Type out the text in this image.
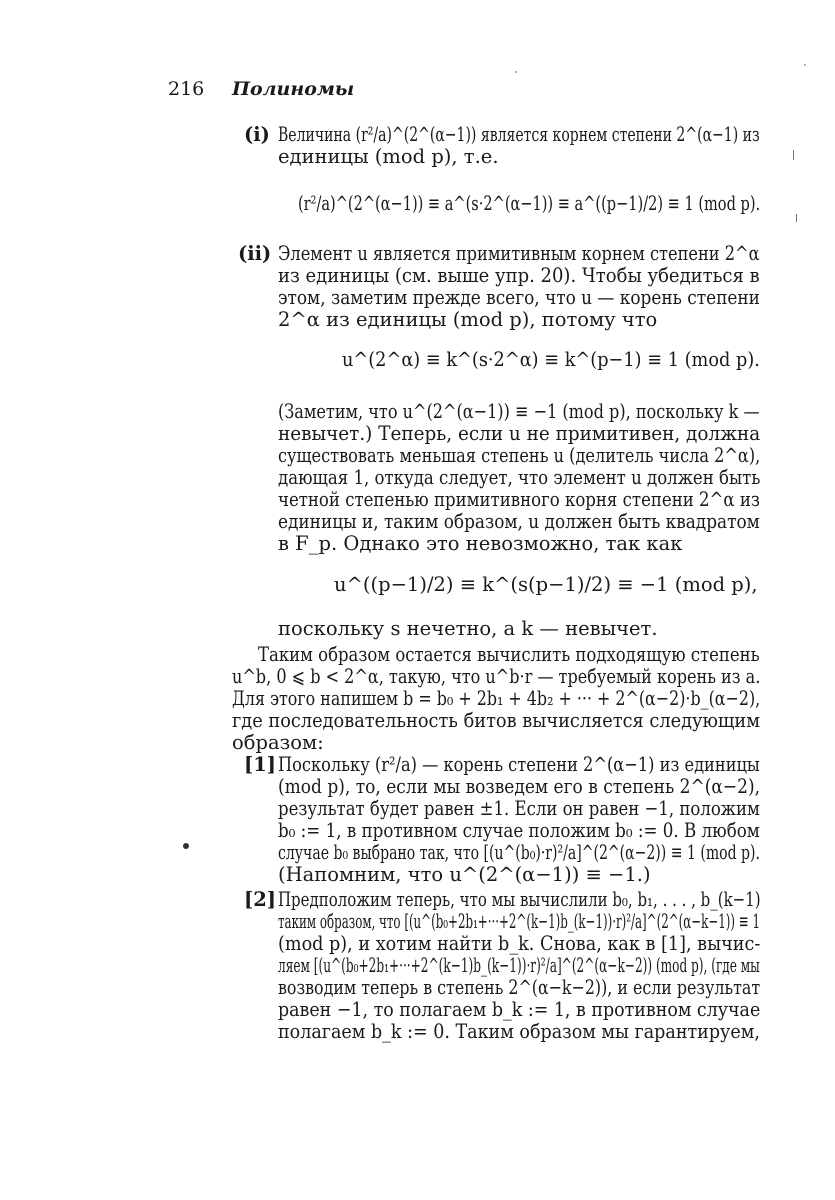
216 Полиномы
(i) Величина (r²/a)^(2^(α−1)) является корнем степени 2^(α−1) из
единицы (mod p), т.е.
(r²/a)^(2^(α−1)) ≡ a^(s·2^(α−1)) ≡ a^((p−1)/2) ≡ 1 (mod p).
(ii) Элемент u является примитивным корнем степени 2^α
из единицы (см. выше упр. 20). Чтобы убедиться в
этом, заметим прежде всего, что u — корень степени
2^α из единицы (mod p), потому что
u^(2^α) ≡ k^(s·2^α) ≡ k^(p−1) ≡ 1 (mod p).
(Заметим, что u^(2^(α−1)) ≡ −1 (mod p), поскольку k —
невычет.) Теперь, если u не примитивен, должна
существовать меньшая степень u (делитель числа 2^α),
дающая 1, откуда следует, что элемент u должен быть
четной степенью примитивного корня степени 2^α из
единицы и, таким образом, u должен быть квадратом
в F_p. Однако это невозможно, так как
u^((p−1)/2) ≡ k^(s(p−1)/2) ≡ −1 (mod p),
поскольку s нечетно, а k — невычет.
Таким образом остается вычислить подходящую степень
u^b, 0 ⩽ b < 2^α, такую, что u^b·r — требуемый корень из a.
Для этого напишем b = b₀ + 2b₁ + 4b₂ + ··· + 2^(α−2)·b_(α−2),
где последовательность битов вычисляется следующим
образом:
[1] Поскольку (r²/a) — корень степени 2^(α−1) из единицы
(mod p), то, если мы возведем его в степень 2^(α−2),
результат будет равен ±1. Если он равен −1, положим
b₀ := 1, в противном случае положим b₀ := 0. В любом
случае b₀ выбрано так, что [(u^(b₀)·r)²/a]^(2^(α−2)) ≡ 1 (mod p).
(Напомним, что u^(2^(α−1)) ≡ −1.)
[2] Предположим теперь, что мы вычислили b₀, b₁, . . . , b_(k−1)
таким образом, что [(u^(b₀+2b₁+···+2^(k−1)b_(k−1))·r)²/a]^(2^(α−k−1)) ≡ 1
(mod p), и хотим найти b_k. Снова, как в [1], вычис-
ляем [(u^(b₀+2b₁+···+2^(k−1)b_(k−1))·r)²/a]^(2^(α−k−2)) (mod p), (где мы
возводим теперь в степень 2^(α−k−2)), и если результат
равен −1, то полагаем b_k := 1, в противном случае
полагаем b_k := 0. Таким образом мы гарантируем,
